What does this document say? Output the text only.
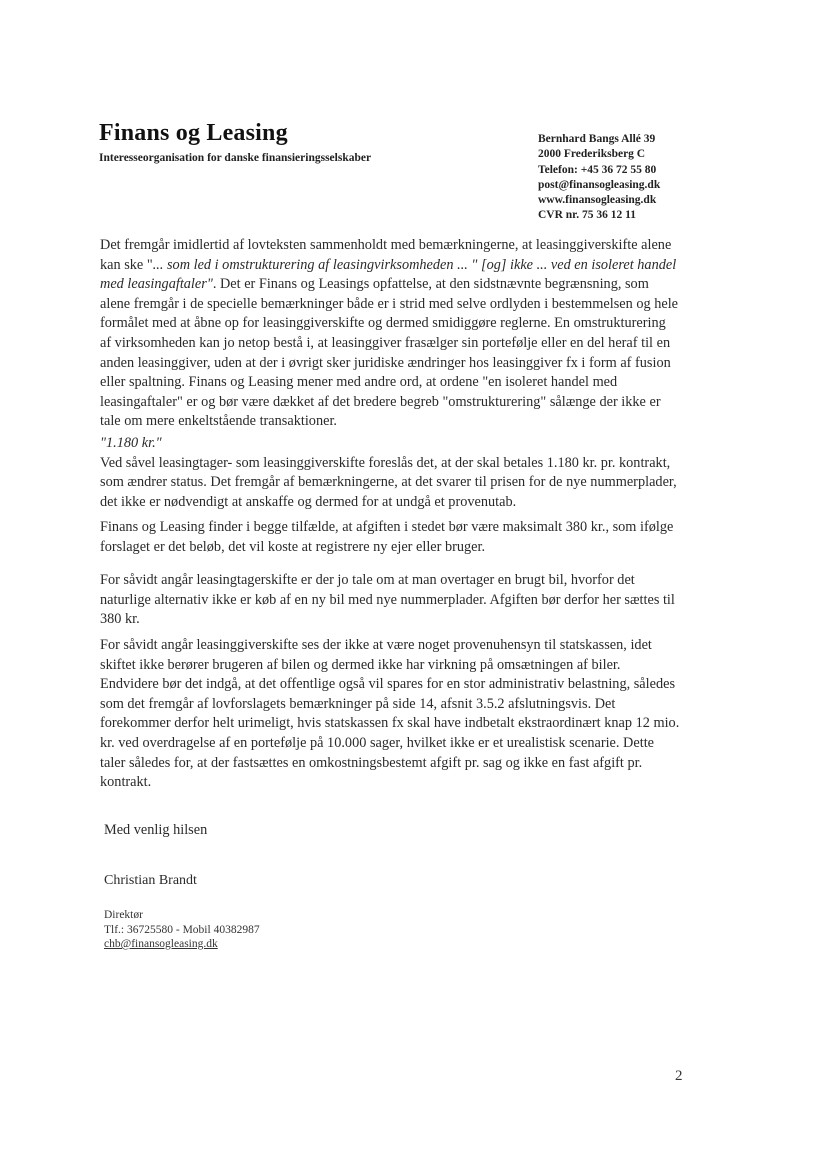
Finans og Leasing
Interesseorganisation for danske finansieringsselskaber
Bernhard Bangs Allé 39
2000 Frederiksberg C
Telefon: +45 36 72 55 80
post@finansogleasing.dk
www.finansogleasing.dk
CVR nr. 75 36 12 11

Det fremgår imidlertid af lovteksten sammenholdt med bemærkningerne, at leasinggiverskifte alene kan ske "... som led i omstrukturering af leasingvirksomheden ... " [og] ikke ... ved en isoleret handel med leasingaftaler". Det er Finans og Leasings opfattelse, at den sidstnævnte begrænsning, som alene fremgår i de specielle bemærkninger både er i strid med selve ordlyden i bestemmelsen og hele formålet med at åbne op for leasinggiverskifte og dermed smidiggøre reglerne. En omstrukturering af virksomheden kan jo netop bestå i, at leasinggiver frasælger sin portefølje eller en del heraf til en anden leasinggiver, uden at der i øvrigt sker juridiske ændringer hos leasinggiver fx i form af fusion eller spaltning. Finans og Leasing mener med andre ord, at ordene "en isoleret handel med leasingaftaler" er og bør være dækket af det bredere begreb "omstrukturering" sålænge der ikke er tale om mere enkeltstående transaktioner.

"1.180 kr."

Ved såvel leasingtager- som leasinggiverskifte foreslås det, at der skal betales 1.180 kr. pr. kontrakt, som ændrer status. Det fremgår af bemærkningerne, at det svarer til prisen for de nye nummerplader, det ikke er nødvendigt at anskaffe og dermed for at undgå et provenutab.

Finans og Leasing finder i begge tilfælde, at afgiften i stedet bør være maksimalt 380 kr., som ifølge forslaget er det beløb, det vil koste at registrere ny ejer eller bruger.

For såvidt angår leasingtagerskifte er der jo tale om at man overtager en brugt bil, hvorfor det naturlige alternativ ikke er køb af en ny bil med nye nummerplader. Afgiften bør derfor her sættes til 380 kr.

For såvidt angår leasinggiverskifte ses der ikke at være noget provenuhensyn til statskassen, idet skiftet ikke berører brugeren af bilen og dermed ikke har virkning på omsætningen af biler. Endvidere bør det indgå, at det offentlige også vil spares for en stor administrativ belastning, således som det fremgår af lovforslagets bemærkninger på side 14, afsnit 3.5.2 afslutningsvis. Det forekommer derfor helt urimeligt, hvis statskassen fx skal have indbetalt ekstraordinært knap 12 mio. kr. ved overdragelse af en portefølje på 10.000 sager, hvilket ikke er et urealistisk scenarie. Dette taler således for, at der fastsættes en omkostningsbestemt afgift pr. sag og ikke en fast afgift pr. kontrakt.

Med venlig hilsen
Christian Brandt
Direktør
Tlf.: 36725580 - Mobil 40382987
chb@finansogleasing.dk
2
